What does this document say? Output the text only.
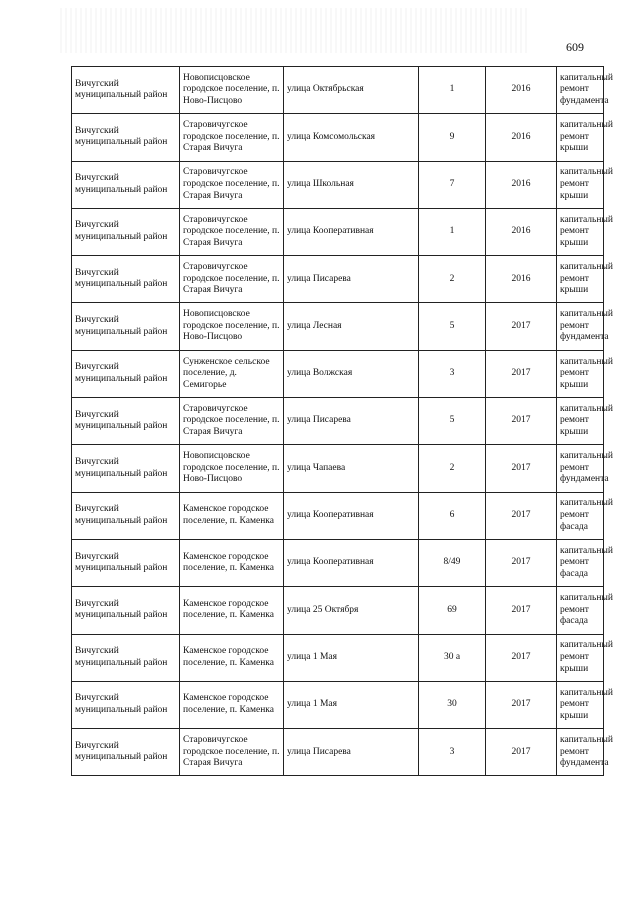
609
Вичугский муниципальный район	Новописцовское городское поселение, п. Ново-Писцово	улица Октябрьская	1	2016	капитальный ремонт фундамента
Вичугский муниципальный район	Старовичугское городское поселение, п. Старая Вичуга	улица Комсомольская	9	2016	капитальный ремонт крыши
Вичугский муниципальный район	Старовичугское городское поселение, п. Старая Вичуга	улица Школьная	7	2016	капитальный ремонт крыши
Вичугский муниципальный район	Старовичугское городское поселение, п. Старая Вичуга	улица Кооперативная	1	2016	капитальный ремонт крыши
Вичугский муниципальный район	Старовичугское городское поселение, п. Старая Вичуга	улица Писарева	2	2016	капитальный ремонт крыши
Вичугский муниципальный район	Новописцовское городское поселение, п. Ново-Писцово	улица Лесная	5	2017	капитальный ремонт фундамента
Вичугский муниципальный район	Сунженское сельское поселение, д. Семигорье	улица Волжская	3	2017	капитальный ремонт крыши
Вичугский муниципальный район	Старовичугское городское поселение, п. Старая Вичуга	улица Писарева	5	2017	капитальный ремонт крыши
Вичугский муниципальный район	Новописцовское городское поселение, п. Ново-Писцово	улица Чапаева	2	2017	капитальный ремонт фундамента
Вичугский муниципальный район	Каменское городское поселение, п. Каменка	улица Кооперативная	6	2017	капитальный ремонт фасада
Вичугский муниципальный район	Каменское городское поселение, п. Каменка	улица Кооперативная	8/49	2017	капитальный ремонт фасада
Вичугский муниципальный район	Каменское городское поселение, п. Каменка	улица 25 Октября	69	2017	капитальный ремонт фасада
Вичугский муниципальный район	Каменское городское поселение, п. Каменка	улица 1 Мая	30 а	2017	капитальный ремонт крыши
Вичугский муниципальный район	Каменское городское поселение, п. Каменка	улица 1 Мая	30	2017	капитальный ремонт крыши
Вичугский муниципальный район	Старовичугское городское поселение, п. Старая Вичуга	улица Писарева	3	2017	капитальный ремонт фундамента
